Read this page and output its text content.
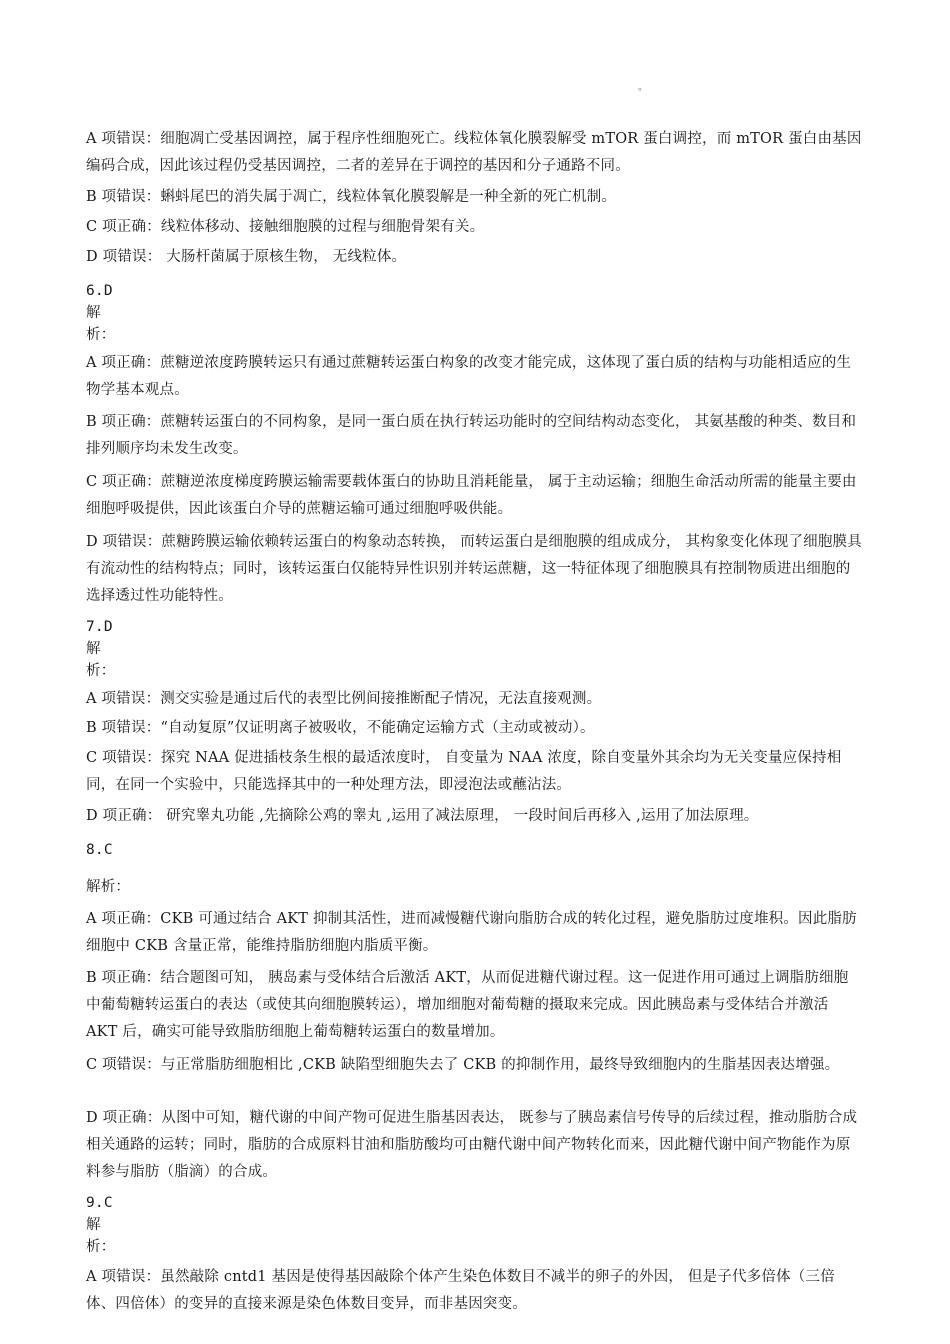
。

A 项错误：细胞凋亡受基因调控，属于程序性细胞死亡。线粒体氧化膜裂解受 mTOR 蛋白调控，而 mTOR 蛋白由基因编码合成，因此该过程仍受基因调控，二者的差异在于调控的基因和分子通路不同。

B 项错误：蝌蚪尾巴的消失属于凋亡，线粒体氧化膜裂解是一种全新的死亡机制。

C 项正确：线粒体移动、接触细胞膜的过程与细胞骨架有关。

D 项错误： 大肠杆菌属于原核生物， 无线粒体。

6.D

解

析：

A 项正确：蔗糖逆浓度跨膜转运只有通过蔗糖转运蛋白构象的改变才能完成，这体现了蛋白质的结构与功能相适应的生物学基本观点。

B 项正确：蔗糖转运蛋白的不同构象，是同一蛋白质在执行转运功能时的空间结构动态变化， 其氨基酸的种类、数目和排列顺序均未发生改变。

C 项正确：蔗糖逆浓度梯度跨膜运输需要载体蛋白的协助且消耗能量， 属于主动运输；细胞生命活动所需的能量主要由细胞呼吸提供，因此该蛋白介导的蔗糖运输可通过细胞呼吸供能。

D 项错误：蔗糖跨膜运输依赖转运蛋白的构象动态转换， 而转运蛋白是细胞膜的组成成分， 其构象变化体现了细胞膜具有流动性的结构特点；同时，该转运蛋白仅能特异性识别并转运蔗糖，这一特征体现了细胞膜具有控制物质进出细胞的选择透过性功能特性。

7.D

解

析：

A 项错误：测交实验是通过后代的表型比例间接推断配子情况，无法直接观测。

B 项错误：“自动复原”仅证明离子被吸收，不能确定运输方式（主动或被动）。

C 项错误：探究 NAA 促进插枝条生根的最适浓度时， 自变量为 NAA 浓度，除自变量外其余均为无关变量应保持相同，在同一个实验中，只能选择其中的一种处理方法，即浸泡法或蘸沾法。

D 项正确： 研究睾丸功能 ,先摘除公鸡的睾丸 ,运用了减法原理， 一段时间后再移入 ,运用了加法原理。

8.C

解析：

A 项正确：CKB 可通过结合 AKT 抑制其活性，进而减慢糖代谢向脂肪合成的转化过程，避免脂肪过度堆积。因此脂肪细胞中 CKB 含量正常，能维持脂肪细胞内脂质平衡。

B 项正确：结合题图可知， 胰岛素与受体结合后激活 AKT，从而促进糖代谢过程。这一促进作用可通过上调脂肪细胞中葡萄糖转运蛋白的表达（或使其向细胞膜转运），增加细胞对葡萄糖的摄取来完成。因此胰岛素与受体结合并激活 AKT 后，确实可能导致脂肪细胞上葡萄糖转运蛋白的数量增加。

C 项错误：与正常脂肪细胞相比 ,CKB 缺陷型细胞失去了 CKB 的抑制作用，最终导致细胞内的生脂基因表达增强。

D 项正确：从图中可知，糖代谢的中间产物可促进生脂基因表达， 既参与了胰岛素信号传导的后续过程，推动脂肪合成相关通路的运转；同时，脂肪的合成原料甘油和脂肪酸均可由糖代谢中间产物转化而来，因此糖代谢中间产物能作为原料参与脂肪（脂滴）的合成。

9.C

解

析：

A 项错误：虽然敲除 cntd1 基因是使得基因敲除个体产生染色体数目不减半的卵子的外因， 但是子代多倍体（三倍体、四倍体）的变异的直接来源是染色体数目变异，而非基因突变。
